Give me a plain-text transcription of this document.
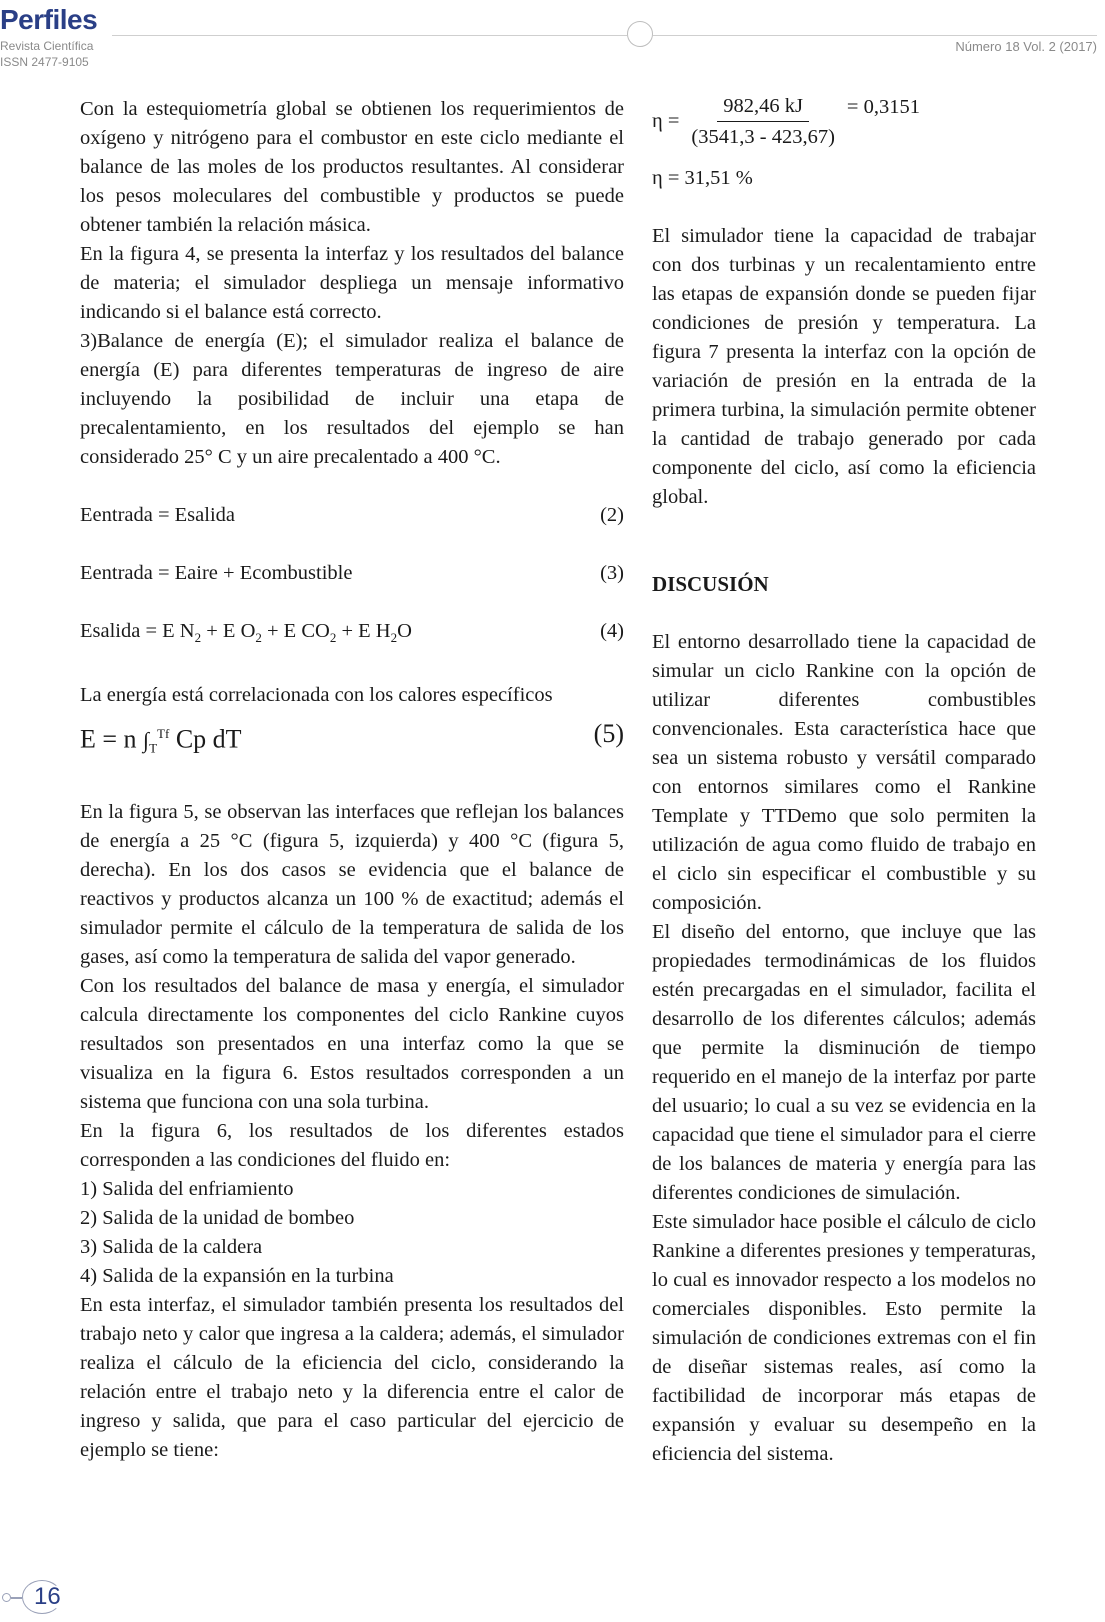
Perfiles
Revista Científica
ISSN 2477-9105
Número 18 Vol. 2 (2017)

Con la estequiometría global se obtienen los requerimientos de oxígeno y nitrógeno para el combustor en este ciclo mediante el balance de las moles de los productos resultantes. Al considerar los pesos moleculares del combustible y productos se puede obtener también la relación másica.

En la figura 4, se presenta la interfaz y los resultados del balance de materia; el simulador despliega un mensaje informativo indicando si el balance está correcto.

3)Balance de energía (E); el simulador realiza el balance de energía (E) para diferentes temperaturas de ingreso de aire incluyendo la posibilidad de incluir una etapa de precalentamiento, en los resultados del ejemplo se han considerado 25° C y un aire precalentado a 400 °C.

Eentrada = Esalida	(2)
Eentrada = Eaire + Ecombustible	(3)
Esalida = E $N_2 + E$ $O_2 + E$ $CO_2 + E$ $H_2O$	(4)

La energía está correlacionada con los calores específicos

E = n $\int_T^{Tf}$ Cp dT	(5)

En la figura 5, se observan las interfaces que reflejan los balances de energía a 25 °C (figura 5, izquierda) y 400 °C (figura 5, derecha). En los dos casos se evidencia que el balance de reactivos y productos alcanza un 100 % de exactitud; además el simulador permite el cálculo de la temperatura de salida de los gases, así como la temperatura de salida del vapor generado.

Con los resultados del balance de masa y energía, el simulador calcula directamente los componentes del ciclo Rankine cuyos resultados son presentados en una interfaz como la que se visualiza en la figura 6. Estos resultados corresponden a un sistema que funciona con una sola turbina.

En la figura 6, los resultados de los diferentes estados corresponden a las condiciones del fluido en:

1) Salida del enfriamiento

2) Salida de la unidad de bombeo

3) Salida de la caldera

4) Salida de la expansión en la turbina

En esta interfaz, el simulador también presenta los resultados del trabajo neto y calor que ingresa a la caldera; además, el simulador realiza el cálculo de la eficiencia del ciclo, considerando la relación entre el trabajo neto y la diferencia entre el calor de ingreso y salida, que para el caso particular del ejercicio de ejemplo se tiene:

$\eta = \frac{982,46 kJ}{(3541,3 - 423,67)} = 0,3151$

η = 31,51 %

El simulador tiene la capacidad de trabajar con dos turbinas y un recalentamiento entre las etapas de expansión donde se pueden fijar condiciones de presión y temperatura. La figura 7 presenta la interfaz con la opción de variación de presión en la entrada de la primera turbina, la simulación permite obtener la cantidad de trabajo generado por cada componente del ciclo, así como la eficiencia global.

DISCUSIÓN

El entorno desarrollado tiene la capacidad de simular un ciclo Rankine con la opción de utilizar diferentes combustibles convencionales. Esta característica hace que sea un sistema robusto y versátil comparado con entornos similares como el Rankine Template y TTDemo que solo permiten la utilización de agua como fluido de trabajo en el ciclo sin especificar el combustible y su composición.

El diseño del entorno, que incluye que las propiedades termodinámicas de los fluidos estén precargadas en el simulador, facilita el desarrollo de los diferentes cálculos; además que permite la disminución de tiempo requerido en el manejo de la interfaz por parte del usuario; lo cual a su vez se evidencia en la capacidad que tiene el simulador para el cierre de los balances de materia y energía para las diferentes condiciones de simulación.

Este simulador hace posible el cálculo de ciclo Rankine a diferentes presiones y temperaturas, lo cual es innovador respecto a los modelos no comerciales disponibles. Esto permite la simulación de condiciones extremas con el fin de diseñar sistemas reales, así como la factibilidad de incorporar más etapas de expansión y evaluar su desempeño en la eficiencia del sistema.

16
